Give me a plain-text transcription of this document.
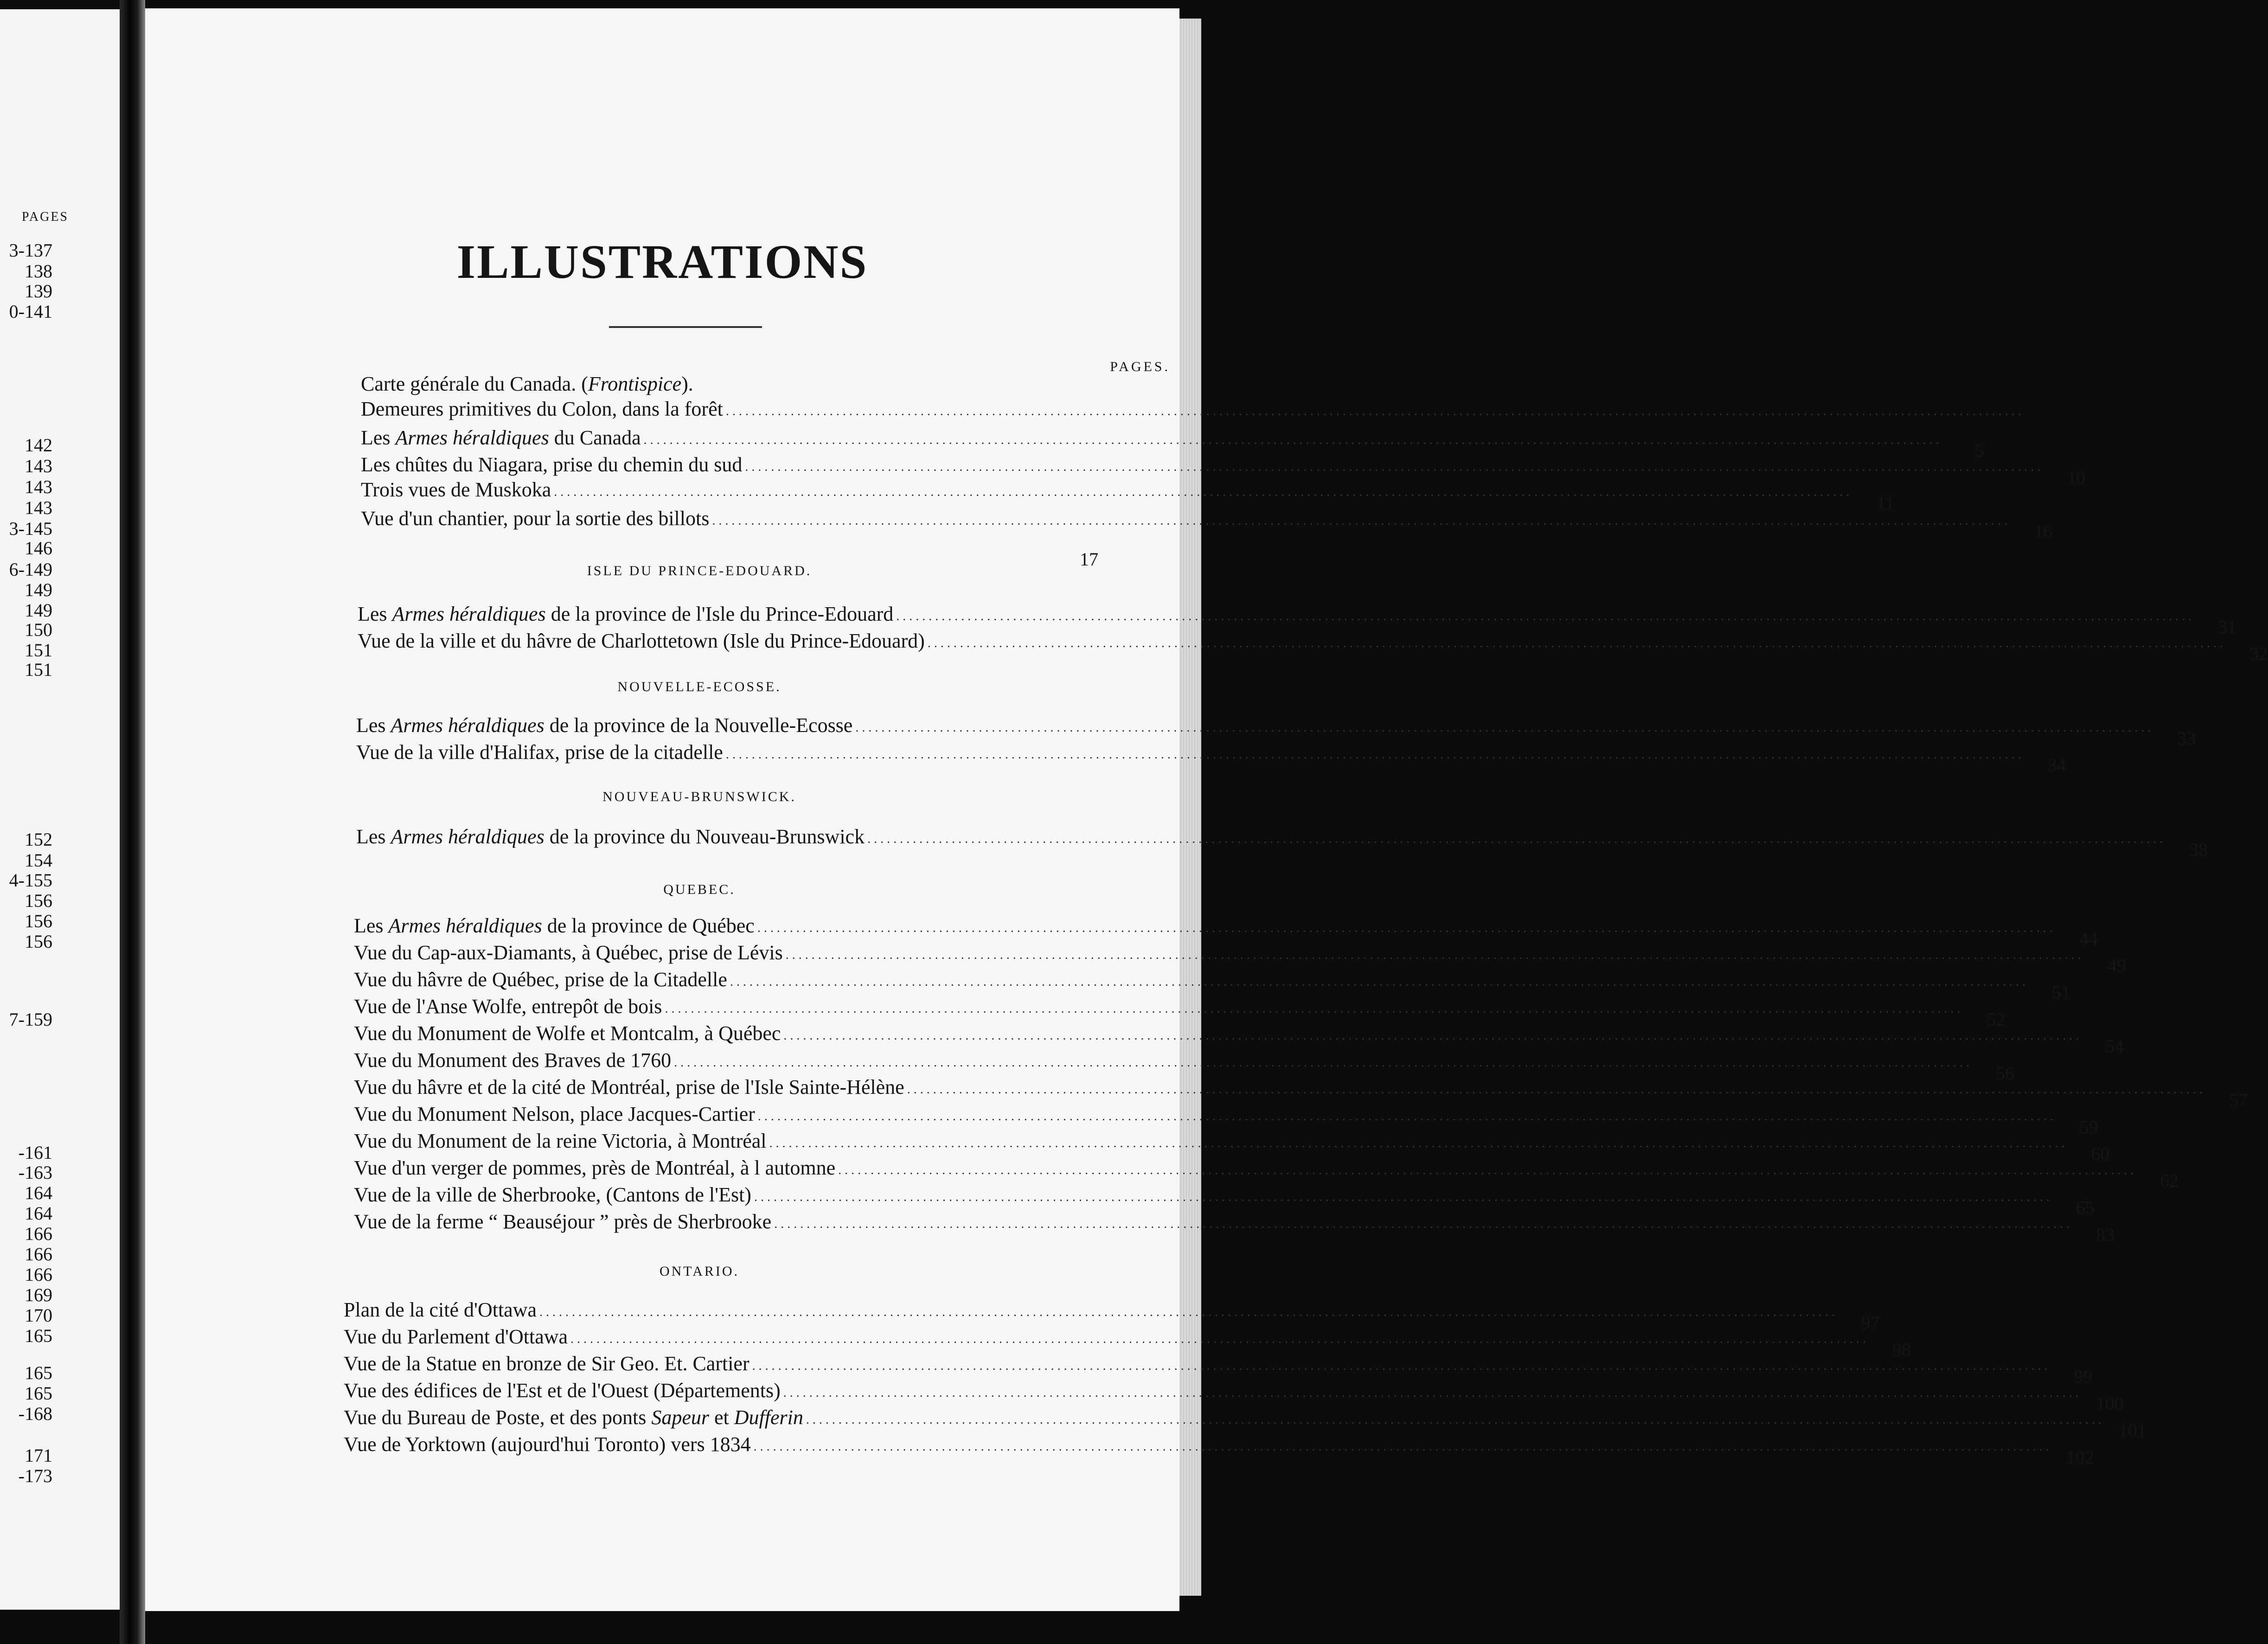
PAGES
3-137
138
139
0-141
142
143
143
143
3-145
146
6-149
149
149
150
151
151
152
154
4-155
156
156
156
7-159
-161
-163
164
164
166
166
166
169
170
165
165
165
-168
171
-173
ILLUSTRATIONS
PAGES.
Carte générale du Canada. (Frontispice).
Demeures primitives du Colon, dans la forêt ........................................................................................................................................................................................................
Les Armes héraldiques du Canada ........................................................................................................................................................................................................
5
Les chûtes du Niagara, prise du chemin du sud ........................................................................................................................................................................................................
10
Trois vues de Muskoka ........................................................................................................................................................................................................
11
Vue d'un chantier, pour la sortie des billots ........................................................................................................................................................................................................
16
17
ISLE DU PRINCE-EDOUARD.
Les Armes héraldiques de la province de l'Isle du Prince-Edouard ........................................................................................................................................................................................................
31
Vue de la ville et du hâvre de Charlottetown (Isle du Prince-Edouard) ........................................................................................................................................................................................................
32
NOUVELLE-ECOSSE.
Les Armes héraldiques de la province de la Nouvelle-Ecosse ........................................................................................................................................................................................................
33
Vue de la ville d'Halifax, prise de la citadelle ........................................................................................................................................................................................................
34
NOUVEAU-BRUNSWICK.
Les Armes héraldiques de la province du Nouveau-Brunswick ........................................................................................................................................................................................................
38
QUEBEC.
Les Armes héraldiques de la province de Québec ........................................................................................................................................................................................................
44
Vue du Cap-aux-Diamants, à Québec, prise de Lévis ........................................................................................................................................................................................................
49
Vue du hâvre de Québec, prise de la Citadelle ........................................................................................................................................................................................................
51
Vue de l'Anse Wolfe, entrepôt de bois ........................................................................................................................................................................................................
52
Vue du Monument de Wolfe et Montcalm, à Québec ........................................................................................................................................................................................................
54
Vue du Monument des Braves de 1760 ........................................................................................................................................................................................................
56
Vue du hâvre et de la cité de Montréal, prise de l'Isle Sainte-Hélène ........................................................................................................................................................................................................
57
Vue du Monument Nelson, place Jacques-Cartier ........................................................................................................................................................................................................
59
Vue du Monument de la reine Victoria, à Montréal ........................................................................................................................................................................................................
60
Vue d'un verger de pommes, près de Montréal, à l automne ........................................................................................................................................................................................................
62
Vue de la ville de Sherbrooke, (Cantons de l'Est) ........................................................................................................................................................................................................
65
Vue de la ferme “ Beauséjour ” près de Sherbrooke ........................................................................................................................................................................................................
83
ONTARIO.
Plan de la cité d'Ottawa ........................................................................................................................................................................................................
97
Vue du Parlement d'Ottawa ........................................................................................................................................................................................................
98
Vue de la Statue en bronze de Sir Geo. Et. Cartier ........................................................................................................................................................................................................
99
Vue des édifices de l'Est et de l'Ouest (Départements) ........................................................................................................................................................................................................
100
Vue du Bureau de Poste, et des ponts Sapeur et Dufferin ........................................................................................................................................................................................................
101
Vue de Yorktown (aujourd'hui Toronto) vers 1834 ........................................................................................................................................................................................................
102
